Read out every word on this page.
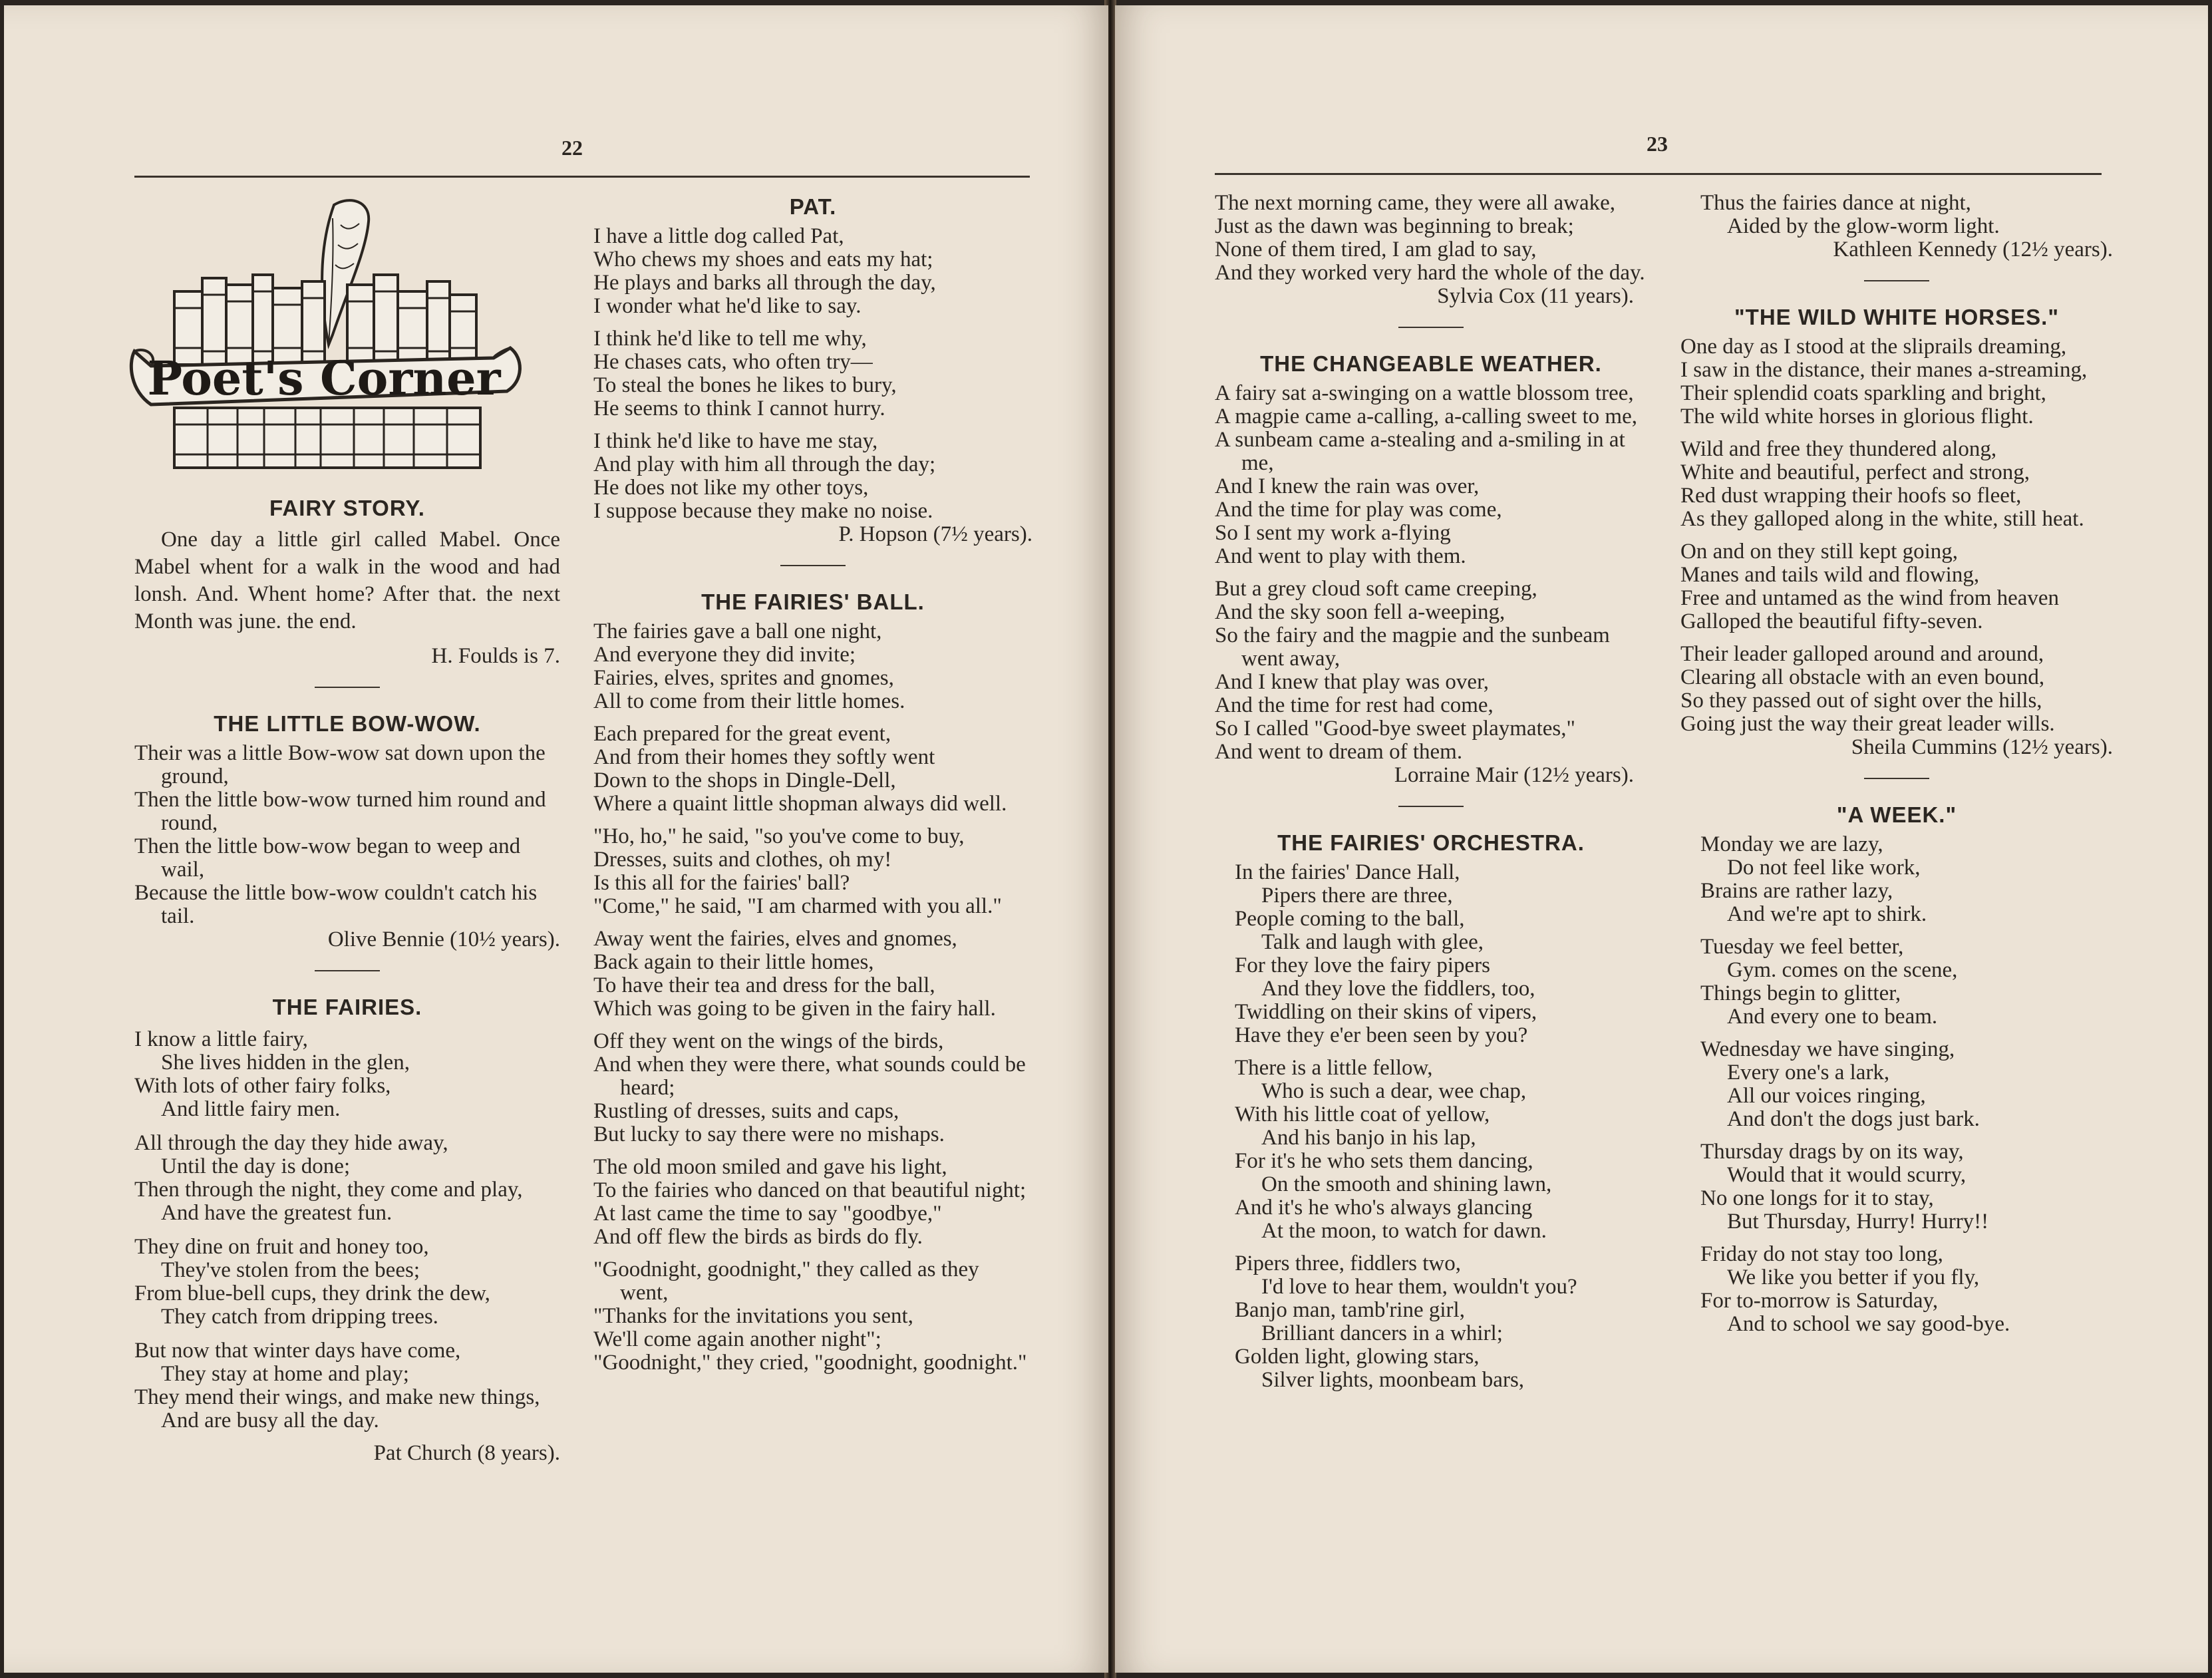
22
Poet's Corner
FAIRY STORY.

One day a little girl called Mabel. Once Mabel whent for a walk in the wood and had lonsh. And. Whent home? After that. the next Month was june. the end.

H. Foulds is 7.

THE LITTLE BOW-WOW.
Their was a little Bow-wow sat down upon the ground,
Then the little bow-wow turned him round and round,
Then the little bow-wow began to weep and wail,
Because the little bow-wow couldn't catch his tail.

Olive Bennie (10½ years).

THE FAIRIES.

I know a little fairy,
She lives hidden in the glen,
With lots of other fairy folks,
And little fairy men.

All through the day they hide away,
Until the day is done;
Then through the night, they come and play,
And have the greatest fun.

They dine on fruit and honey too,
They've stolen from the bees;
From blue-bell cups, they drink the dew,
They catch from dripping trees.

But now that winter days have come,
They stay at home and play;
They mend their wings, and make new things,
And are busy all the day.

Pat Church (8 years).

PAT.
I have a little dog called Pat,
Who chews my shoes and eats my hat;
He plays and barks all through the day,
I wonder what he'd like to say.
I think he'd like to tell me why,
He chases cats, who often try—
To steal the bones he likes to bury,
He seems to think I cannot hurry.
I think he'd like to have me stay,
And play with him all through the day;
He does not like my other toys,
I suppose because they make no noise.

P. Hopson (7½ years).

THE FAIRIES' BALL.
The fairies gave a ball one night,
And everyone they did invite;
Fairies, elves, sprites and gnomes,
All to come from their little homes.
Each prepared for the great event,
And from their homes they softly went
Down to the shops in Dingle-Dell,
Where a quaint little shopman always did well.
"Ho, ho," he said, "so you've come to buy,
Dresses, suits and clothes, oh my!
Is this all for the fairies' ball?
"Come," he said, "I am charmed with you all."
Away went the fairies, elves and gnomes,
Back again to their little homes,
To have their tea and dress for the ball,
Which was going to be given in the fairy hall.
Off they went on the wings of the birds,
And when they were there, what sounds could be heard;
Rustling of dresses, suits and caps,
But lucky to say there were no mishaps.
The old moon smiled and gave his light,
To the fairies who danced on that beautiful night;
At last came the time to say "goodbye,"
And off flew the birds as birds do fly.
"Goodnight, goodnight," they called as they went,
"Thanks for the invitations you sent,
We'll come again another night";
"Goodnight," they cried, "goodnight, goodnight."
23
The next morning came, they were all awake,
Just as the dawn was beginning to break;
None of them tired, I am glad to say,
And they worked very hard the whole of the day.

Sylvia Cox (11 years).

THE CHANGEABLE WEATHER.
A fairy sat a-swinging on a wattle blossom tree,
A magpie came a-calling, a-calling sweet to me,
A sunbeam came a-stealing and a-smiling in at me,
And I knew the rain was over,
And the time for play was come,
So I sent my work a-flying
And went to play with them.
But a grey cloud soft came creeping,
And the sky soon fell a-weeping,
So the fairy and the magpie and the sunbeam went away,
And I knew that play was over,
And the time for rest had come,
So I called "Good-bye sweet playmates,"
And went to dream of them.

Lorraine Mair (12½ years).

THE FAIRIES' ORCHESTRA.
In the fairies' Dance Hall,
Pipers there are three,
People coming to the ball,
Talk and laugh with glee,
For they love the fairy pipers
And they love the fiddlers, too,
Twiddling on their skins of vipers,
Have they e'er been seen by you?
There is a little fellow,
Who is such a dear, wee chap,
With his little coat of yellow,
And his banjo in his lap,
For it's he who sets them dancing,
On the smooth and shining lawn,
And it's he who's always glancing
At the moon, to watch for dawn.
Pipers three, fiddlers two,
I'd love to hear them, wouldn't you?
Banjo man, tamb'rine girl,
Brilliant dancers in a whirl;
Golden light, glowing stars,
Silver lights, moonbeam bars,
Thus the fairies dance at night,
Aided by the glow-worm light.

Kathleen Kennedy (12½ years).

"THE WILD WHITE HORSES."
One day as I stood at the sliprails dreaming,
I saw in the distance, their manes a-streaming,
Their splendid coats sparkling and bright,
The wild white horses in glorious flight.
Wild and free they thundered along,
White and beautiful, perfect and strong,
Red dust wrapping their hoofs so fleet,
As they galloped along in the white, still heat.
On and on they still kept going,
Manes and tails wild and flowing,
Free and untamed as the wind from heaven
Galloped the beautiful fifty-seven.
Their leader galloped around and around,
Clearing all obstacle with an even bound,
So they passed out of sight over the hills,
Going just the way their great leader wills.

Sheila Cummins (12½ years).

"A WEEK."
Monday we are lazy,
Do not feel like work,
Brains are rather lazy,
And we're apt to shirk.
Tuesday we feel better,
Gym. comes on the scene,
Things begin to glitter,
And every one to beam.
Wednesday we have singing,
Every one's a lark,
All our voices ringing,
And don't the dogs just bark.
Thursday drags by on its way,
Would that it would scurry,
No one longs for it to stay,
But Thursday, Hurry! Hurry!!
Friday do not stay too long,
We like you better if you fly,
For to-morrow is Saturday,
And to school we say good-bye.
